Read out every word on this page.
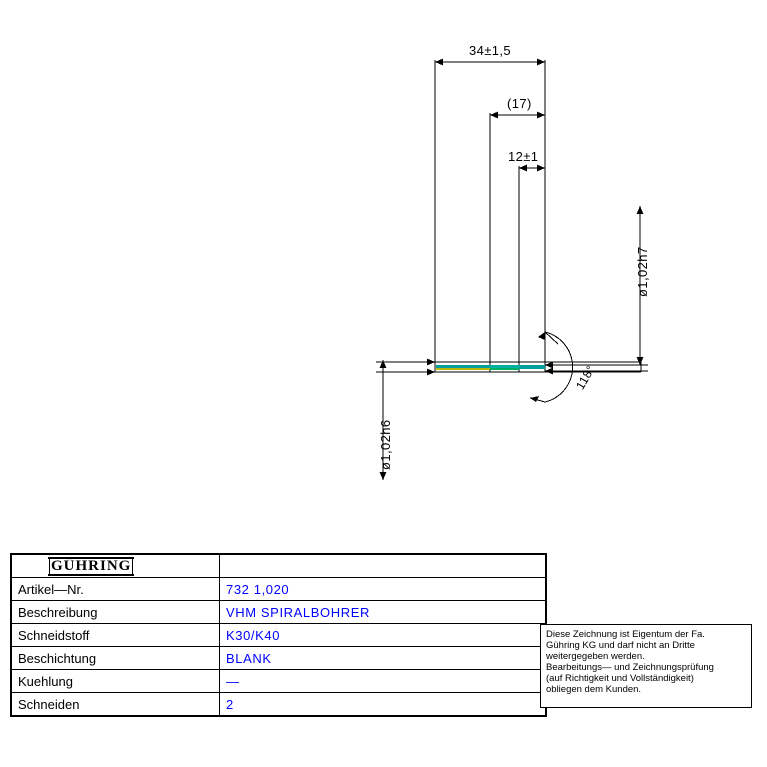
34±1,5
(17)
12±1
ø1,02h7
ø1,02h6
118°
GÜHRING	
Artikel—Nr.	732 1,020
Beschreibung	VHM SPIRALBOHRER
Schneidstoff	K30/K40
Beschichtung	BLANK
Kuehlung	—
Schneiden	2
Diese Zeichnung ist Eigentum der Fa.
Gühring KG und darf nicht an Dritte
weitergegeben werden.
Bearbeitungs— und Zeichnungsprüfung
(auf Richtigkeit und Vollständigkeit)
obliegen dem Kunden.
